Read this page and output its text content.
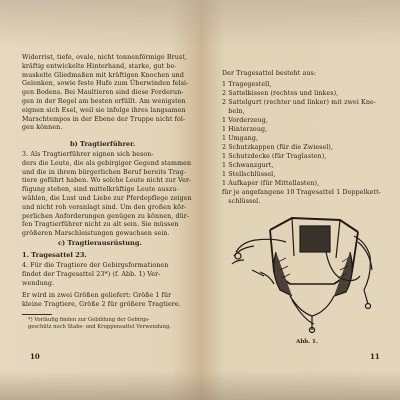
Widerrist, tiefe, ovale, nicht tonnenförmige Brust,
kräftig entwickelte Hinterhand, starke, gut be-
muskelte Gliedmaßen mit kräftigen Knochen und
Gelenken, sowie feste Hufe zum Überwinden felsi-
gen Bodens. Bei Maultieren sind diese Forderun-
gen in der Regel am besten erfüllt. Am wenigsten
eignen sich Esel, weil sie infolge ihres langsamen
Marschtempos in der Ebene der Truppe nicht fol-
gen können.
b) Tragtierführer.
3. Als Tragtierführer eignen sich beson-
ders die Leute, die als gebirgiger Gegend stammen
und die in ihrem bürgerlichen Beruf bereits Trag-
tiere geführt haben. Wo solche Leute nicht zur Ver-
fügung stehen, sind mittelkräftige Leute auszu-
wählen, die Lust und Liebe zur Pferdepflege zeigen
und nicht roh veranlagt sind. Um den großen kör-
perlichen Anforderungen genügen zu können, dür-
fen Tragtierführer nicht zu alt sein. Sie müssen
größeren Marschleistungen gewachsen sein.
c) Tragtierausrüstung.
1. Tragesattel 23.
4. Für die Tragtiere der Gebirgsformationen
findet der Tragesattel 23*) (f. Abb. 1) Ver-
wendung.
Er wird in zwei Größen geliefert: Größe 1 für
kleine Tragtiere, Größe 2 für größere Tragtiere.
*) Vorläufig finden zur Gebildung der Gebirgs-
geschütz noch Stabs- und Kruppensattel Verwendung.
10
Der Tragesattel besteht aus:
1 Tragegestell,
2 Sattelkissen (rechtes und linkes),
2 Sattelgurt (rechter und linker) mit zwei Kne-
beln,
1 Vorderzeug,
1 Hinterzeug,
1 Umgang,
2 Schutzkappen (für die Zwiesel),
1 Schutzdecke (für Traglasten),
1 Schwanzgurt,
1 Stellschlüssel,
1 Aufkaper (für Mittellasten),
für je angefangene 10 Tragesattel 1 Doppelkett-
schlüssel.
Abb. 1.
11
